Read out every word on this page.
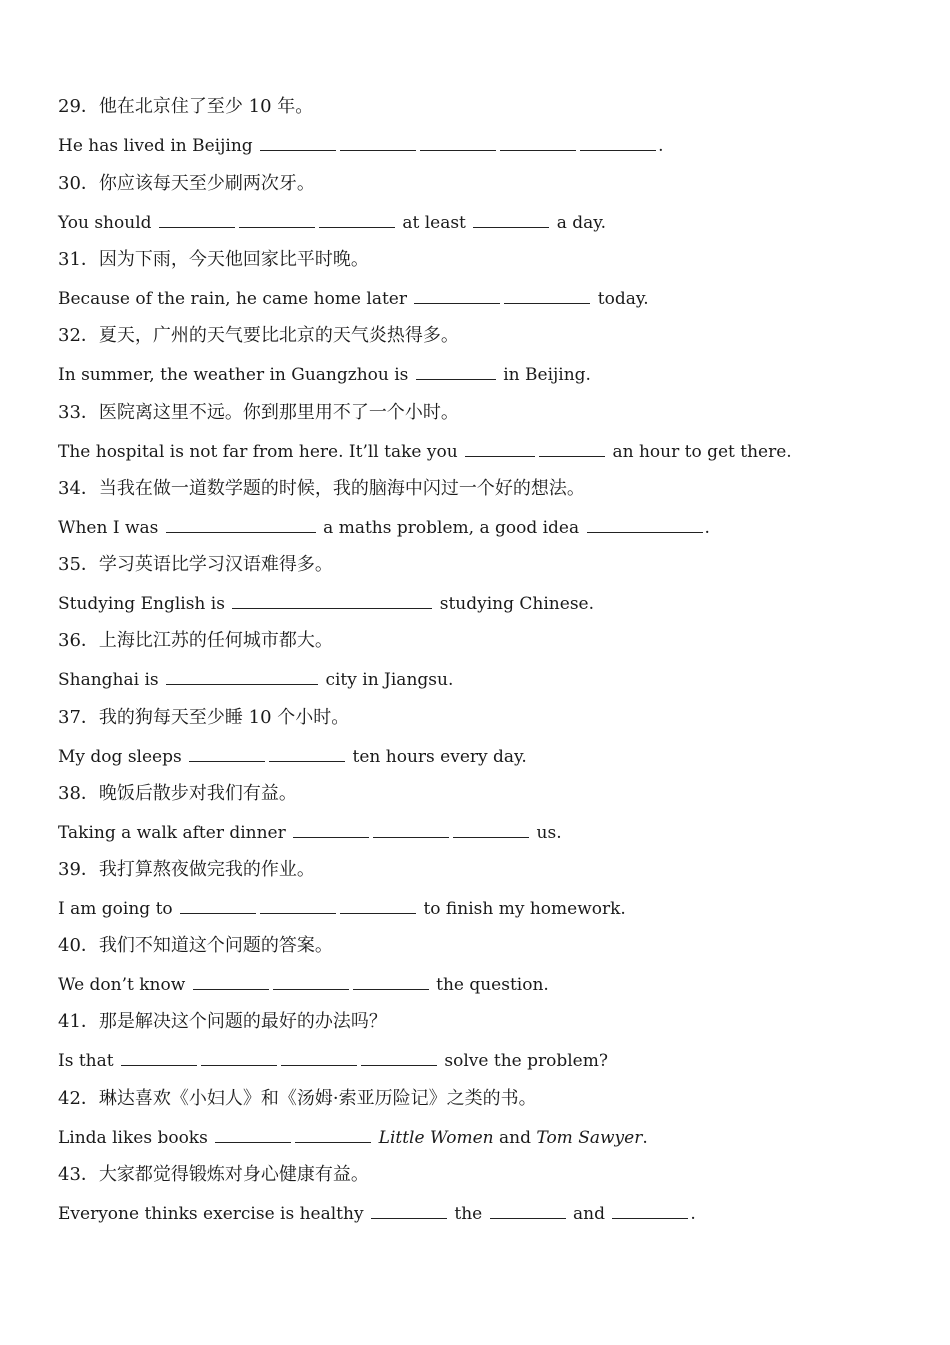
29．他在北京住了至少 10 年。
He has lived in Beijing	.
30．你应该每天至少刷两次牙。
You should	at least	a day.
31．因为下雨，今天他回家比平时晚。
Because of the rain, he came home later	today.
32．夏天，广州的天气要比北京的天气炎热得多。
In summer, the weather in Guangzhou is	in Beijing.
33．医院离这里不远。你到那里用不了一个小时。
The hospital is not far from here. It’ll take you	an hour to get there.
34．当我在做一道数学题的时候，我的脑海中闪过一个好的想法。
When I was	a maths problem, a good idea	.
35．学习英语比学习汉语难得多。
Studying English is	studying Chinese.
36．上海比江苏的任何城市都大。
Shanghai is	city in Jiangsu.
37．我的狗每天至少睡 10 个小时。
My dog sleeps	ten hours every day.
38．晚饭后散步对我们有益。
Taking a walk after dinner	us.
39．我打算熬夜做完我的作业。
I am going to	to finish my homework.
40．我们不知道这个问题的答案。
We don’t know	the question.
41．那是解决这个问题的最好的办法吗？
Is that	solve the problem?
42．琳达喜欢《小妇人》和《汤姆·索亚历险记》之类的书。
Linda likes books	Little Women and Tom Sawyer.
43．大家都觉得锻炼对身心健康有益。
Everyone thinks exercise is healthy	the	and	.
